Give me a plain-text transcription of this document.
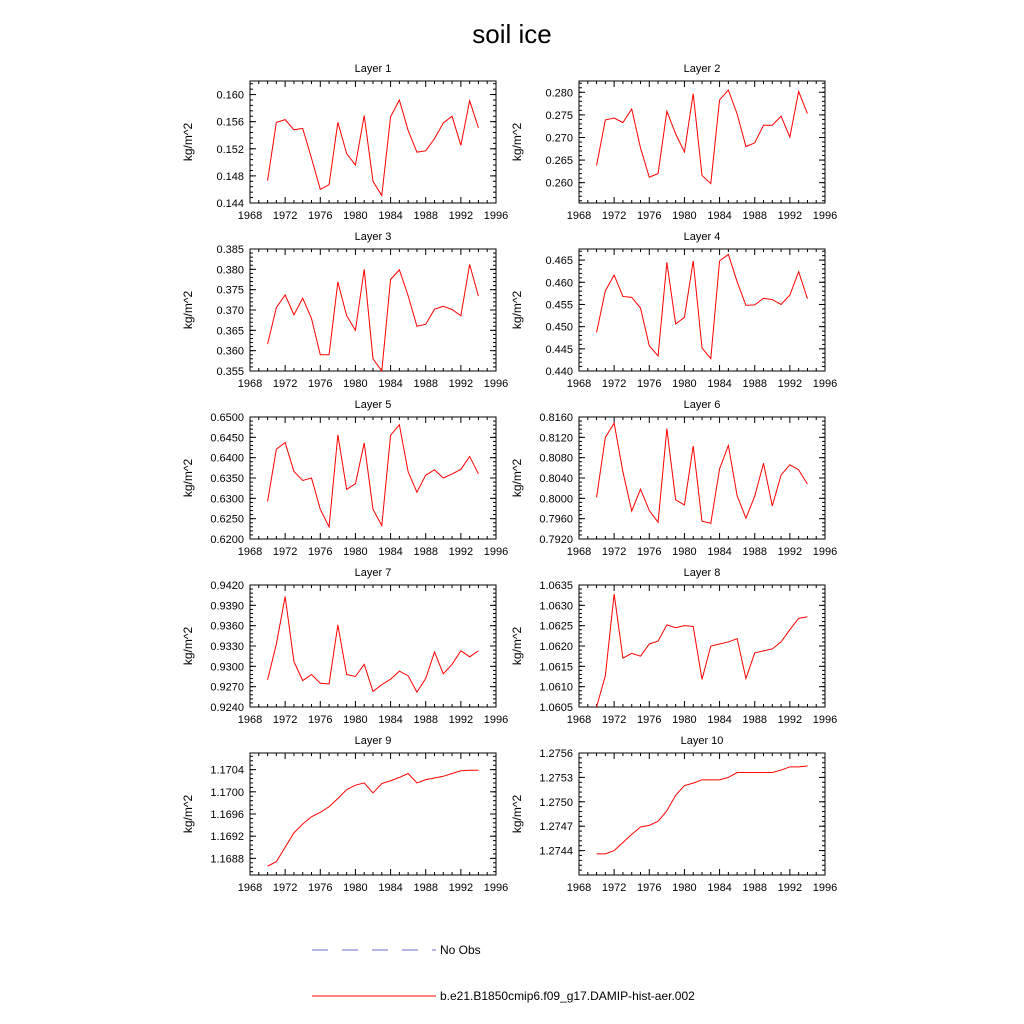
soil ice
Layer 1
kg/m^2
1968 1972 1976 1980 1984 1988 1992 1996
0.144
0.148
0.152
0.156
0.160
Layer 2
kg/m^2
1968 1972 1976 1980 1984 1988 1992 1996
0.260
0.265
0.270
0.275
0.280
Layer 3
kg/m^2
1968 1972 1976 1980 1984 1988 1992 1996
0.355
0.360
0.365
0.370
0.375
0.380
0.385
Layer 4
kg/m^2
1968 1972 1976 1980 1984 1988 1992 1996
0.440
0.445
0.450
0.455
0.460
0.465
Layer 5
kg/m^2
1968 1972 1976 1980 1984 1988 1992 1996
0.6200
0.6250
0.6300
0.6350
0.6400
0.6450
0.6500
Layer 6
kg/m^2
1968 1972 1976 1980 1984 1988 1992 1996
0.7920
0.7960
0.8000
0.8040
0.8080
0.8120
0.8160
Layer 7
kg/m^2
1968 1972 1976 1980 1984 1988 1992 1996
0.9240
0.9270
0.9300
0.9330
0.9360
0.9390
0.9420
Layer 8
kg/m^2
1968 1972 1976 1980 1984 1988 1992 1996
1.0605
1.0610
1.0615
1.0620
1.0625
1.0630
1.0635
Layer 9
kg/m^2
1968 1972 1976 1980 1984 1988 1992 1996
1.1688
1.1692
1.1696
1.1700
1.1704
Layer 10
kg/m^2
1968 1972 1976 1980 1984 1988 1992 1996
1.2744
1.2747
1.2750
1.2753
1.2756
No Obs
b.e21.B1850cmip6.f09_g17.DAMIP-hist-aer.002
